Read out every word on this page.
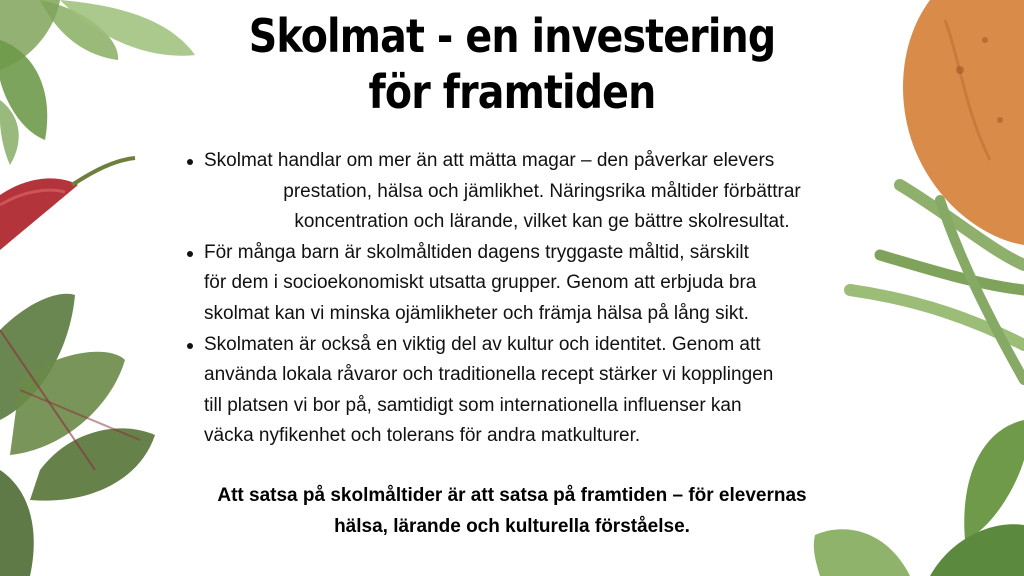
Skolmat - en investering
för framtiden
Skolmat handlar om mer än att mätta magar – den påverkar elevers
prestation, hälsa och jämlikhet. Näringsrika måltider förbättrar
koncentration och lärande, vilket kan ge bättre skolresultat.
För många barn är skolmåltiden dagens tryggaste måltid, särskilt
för dem i socioekonomiskt utsatta grupper. Genom att erbjuda bra
skolmat kan vi minska ojämlikheter och främja hälsa på lång sikt.
Skolmaten är också en viktig del av kultur och identitet. Genom att
använda lokala råvaror och traditionella recept stärker vi kopplingen
till platsen vi bor på, samtidigt som internationella influenser kan
väcka nyfikenhet och tolerans för andra matkulturer.
Att satsa på skolmåltider är att satsa på framtiden – för elevernas
hälsa, lärande och kulturella förståelse.
